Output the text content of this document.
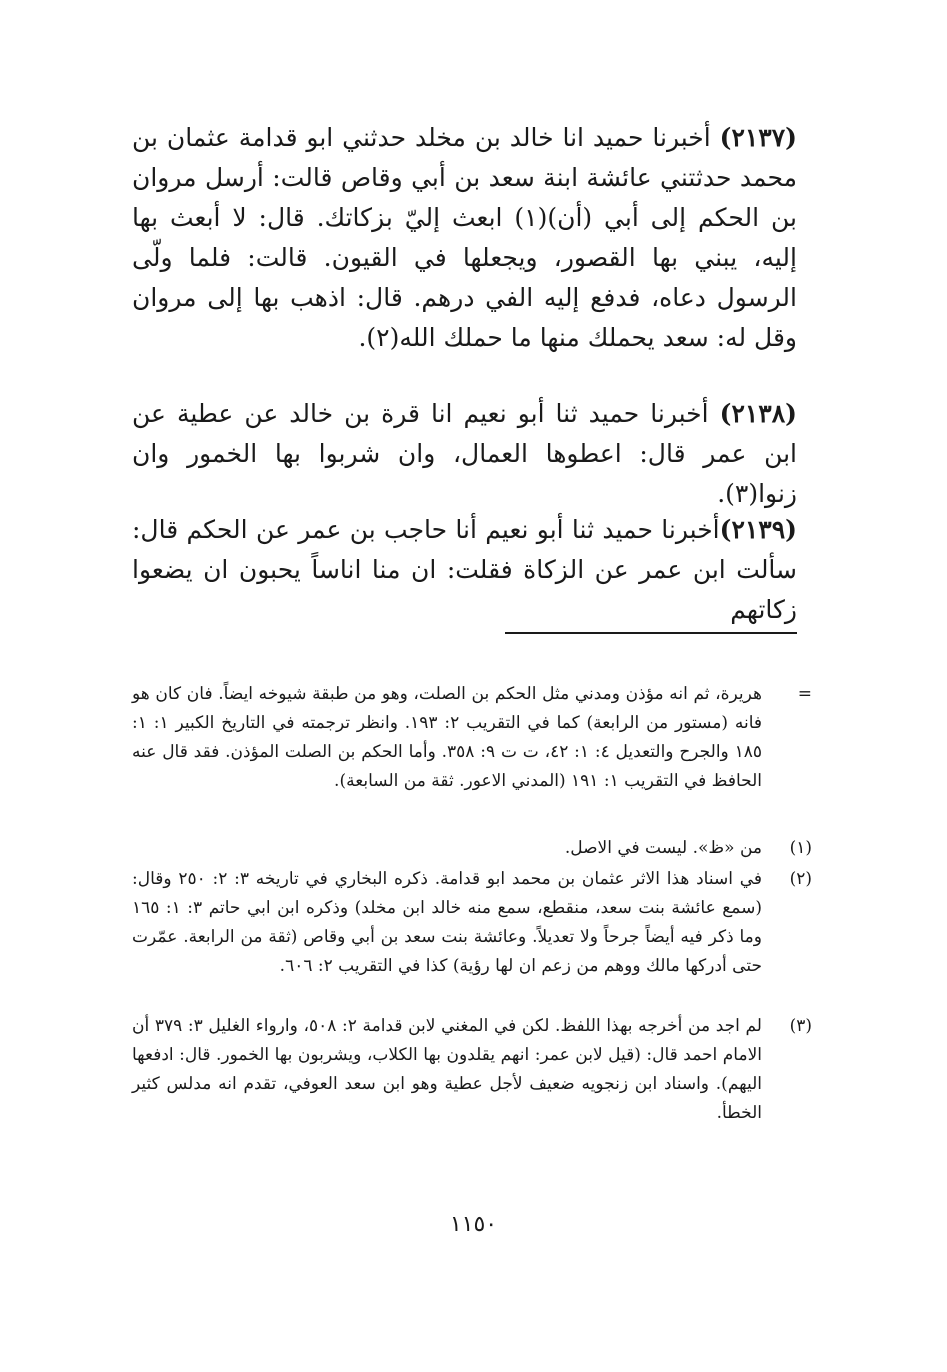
(٢١٣٧) أخبرنا حميد انا خالد بن مخلد حدثني ابو قدامة عثمان بن محمد حدثتني عائشة ابنة سعد بن أبي وقاص قالت: أرسل مروان بن الحكم إلى أبي (أن)(١) ابعث إليّ بزكاتك. قال: لا أبعث بها إليه، يبني بها القصور، ويجعلها في القيون. قالت: فلما ولّى الرسول دعاه، فدفع إليه الفي درهم. قال: اذهب بها إلى مروان وقل له: سعد يحملك منها ما حملك الله(٢).

(٢١٣٨) أخبرنا حميد ثنا أبو نعيم انا قرة بن خالد عن عطية عن ابن عمر قال: اعطوها العمال، وان شربوا بها الخمور وان زنوا(٣).

(٢١٣٩)أخبرنا حميد ثنا أبو نعيم أنا حاجب بن عمر عن الحكم قال: سألت ابن عمر عن الزكاة فقلت: ان منا اناساً يحبون ان يضعوا زكاتهم

=
هريرة، ثم انه مؤذن ومدني مثل الحكم بن الصلت، وهو من طبقة شيوخه ايضاً. فان كان هو فانه (مستور من الرابعة) كما في التقريب ٢: ١٩٣. وانظر ترجمته في التاريخ الكبير ١: ١: ١٨٥ والجرح والتعديل ٤: ١: ٤٢، ت ت ٩: ٣٥٨. وأما الحكم بن الصلت المؤذن. فقد قال عنه الحافظ في التقريب ١: ١٩١ (المدني الاعور. ثقة من السابعة).
(١)
من «ظ». ليست في الاصل.
(٢)
في اسناد هذا الاثر عثمان بن محمد ابو قدامة. ذكره البخاري في تاريخه ٣: ٢: ٢٥٠ وقال: (سمع عائشة بنت سعد، منقطع، سمع منه خالد ابن مخلد) وذكره ابن ابي حاتم ٣: ١: ١٦٥ وما ذكر فيه أيضاً جرحاً ولا تعديلاً. وعائشة بنت سعد بن أبي وقاص (ثقة من الرابعة. عمّرت حتى أدركها مالك ووهم من زعم ان لها رؤية) كذا في التقريب ٢: ٦٠٦.
(٣)
لم اجد من أخرجه بهذا اللفظ. لكن في المغني لابن قدامة ٢: ٥٠٨، وارواء الغليل ٣: ٣٧٩ أن الامام احمد قال: (قيل لابن عمر: انهم يقلدون بها الكلاب، ويشربون بها الخمور. قال: ادفعها اليهم). واسناد ابن زنجويه ضعيف لأجل عطية وهو ابن سعد العوفي، تقدم انه مدلس كثير الخطأ.
١١٥٠
